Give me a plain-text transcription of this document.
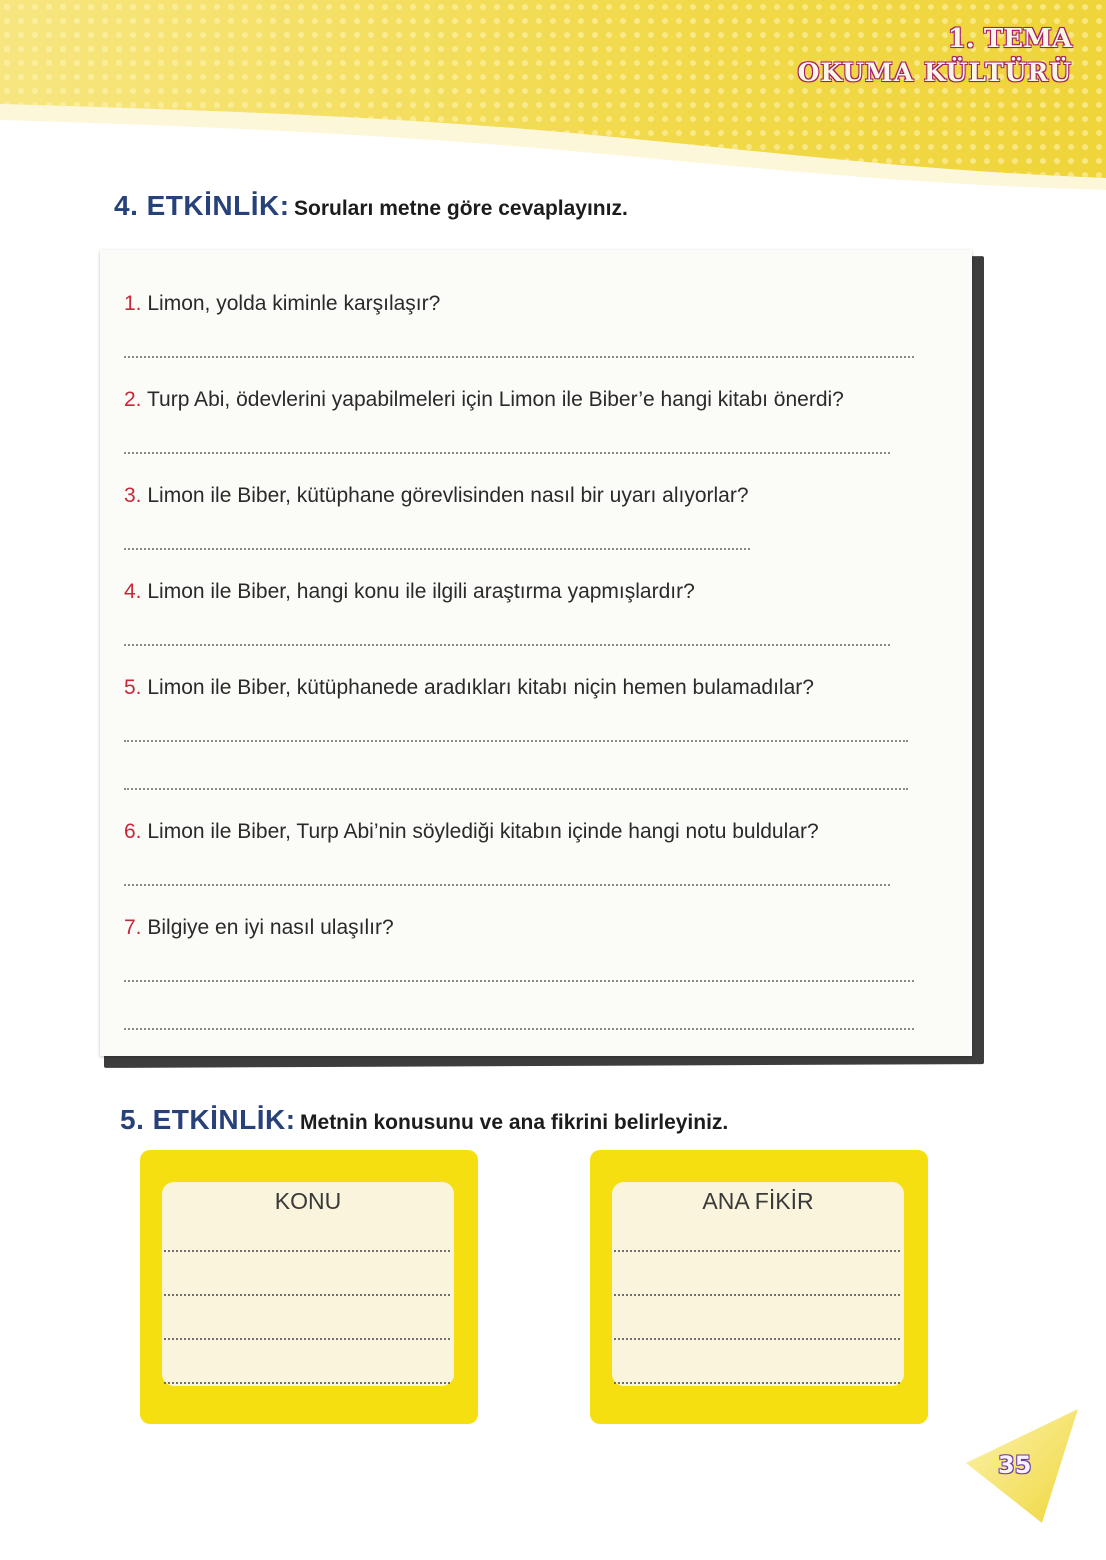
1. TEMA
OKUMA KÜLTÜRÜ
4. ETKİNLİK: Soruları metne göre cevaplayınız.
1. Limon, yolda kiminle karşılaşır?
2. Turp Abi, ödevlerini yapabilmeleri için Limon ile Biber’e hangi kitabı önerdi?
3. Limon ile Biber, kütüphane görevlisinden nasıl bir uyarı alıyorlar?
4. Limon ile Biber, hangi konu ile ilgili araştırma yapmışlardır?
5. Limon ile Biber, kütüphanede aradıkları kitabı niçin hemen bulamadılar?
6. Limon ile Biber, Turp Abi’nin söylediği kitabın içinde hangi notu buldular?
7. Bilgiye en iyi nasıl ulaşılır?
5. ETKİNLİK: Metnin konusunu ve ana fikrini belirleyiniz.
KONU	ANA FİKİR
35
